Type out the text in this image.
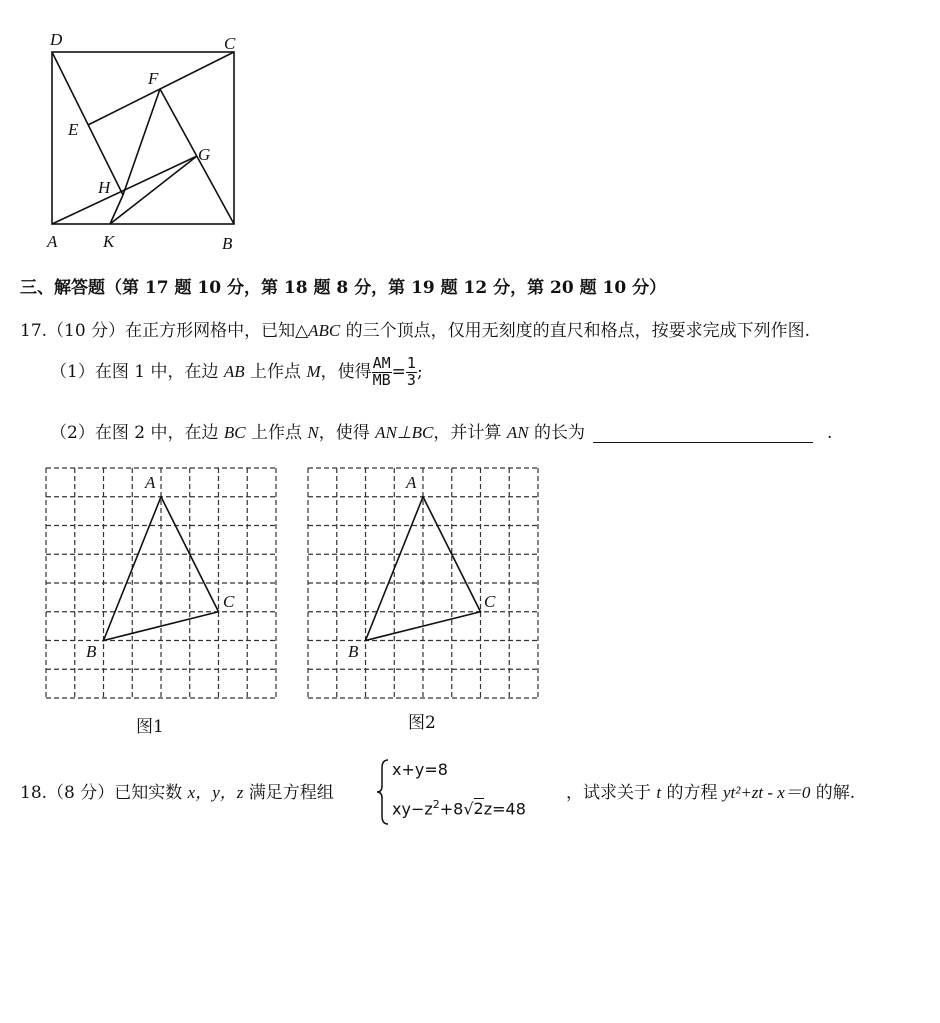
D	C
F
E
G
H
A	K	B
三、解答题（第 17 题 10 分，第 18 题 8 分，第 19 题 12 分，第 20 题 10 分）
17.（10 分）在正方形网格中，已知△ABC 的三个顶点，仅用无刻度的直尺和格点，按要求完成下列作图.
（1）在图 1 中，在边 AB 上作点 M，使得 $\frac{AM}{MB} = \frac{1}{3}$ ;
（2）在图 2 中，在边 BC 上作点 N，使得 AN⊥BC，并计算 AN 的长为	.
A
B
C
图1
A
B
C
图2
18.（8 分）已知实数 x，y，z 满足方程组
x+y=8
$xy-z^2+8√2z=48$
，试求关于 t 的方程 yt²+zt - x＝0 的解.
